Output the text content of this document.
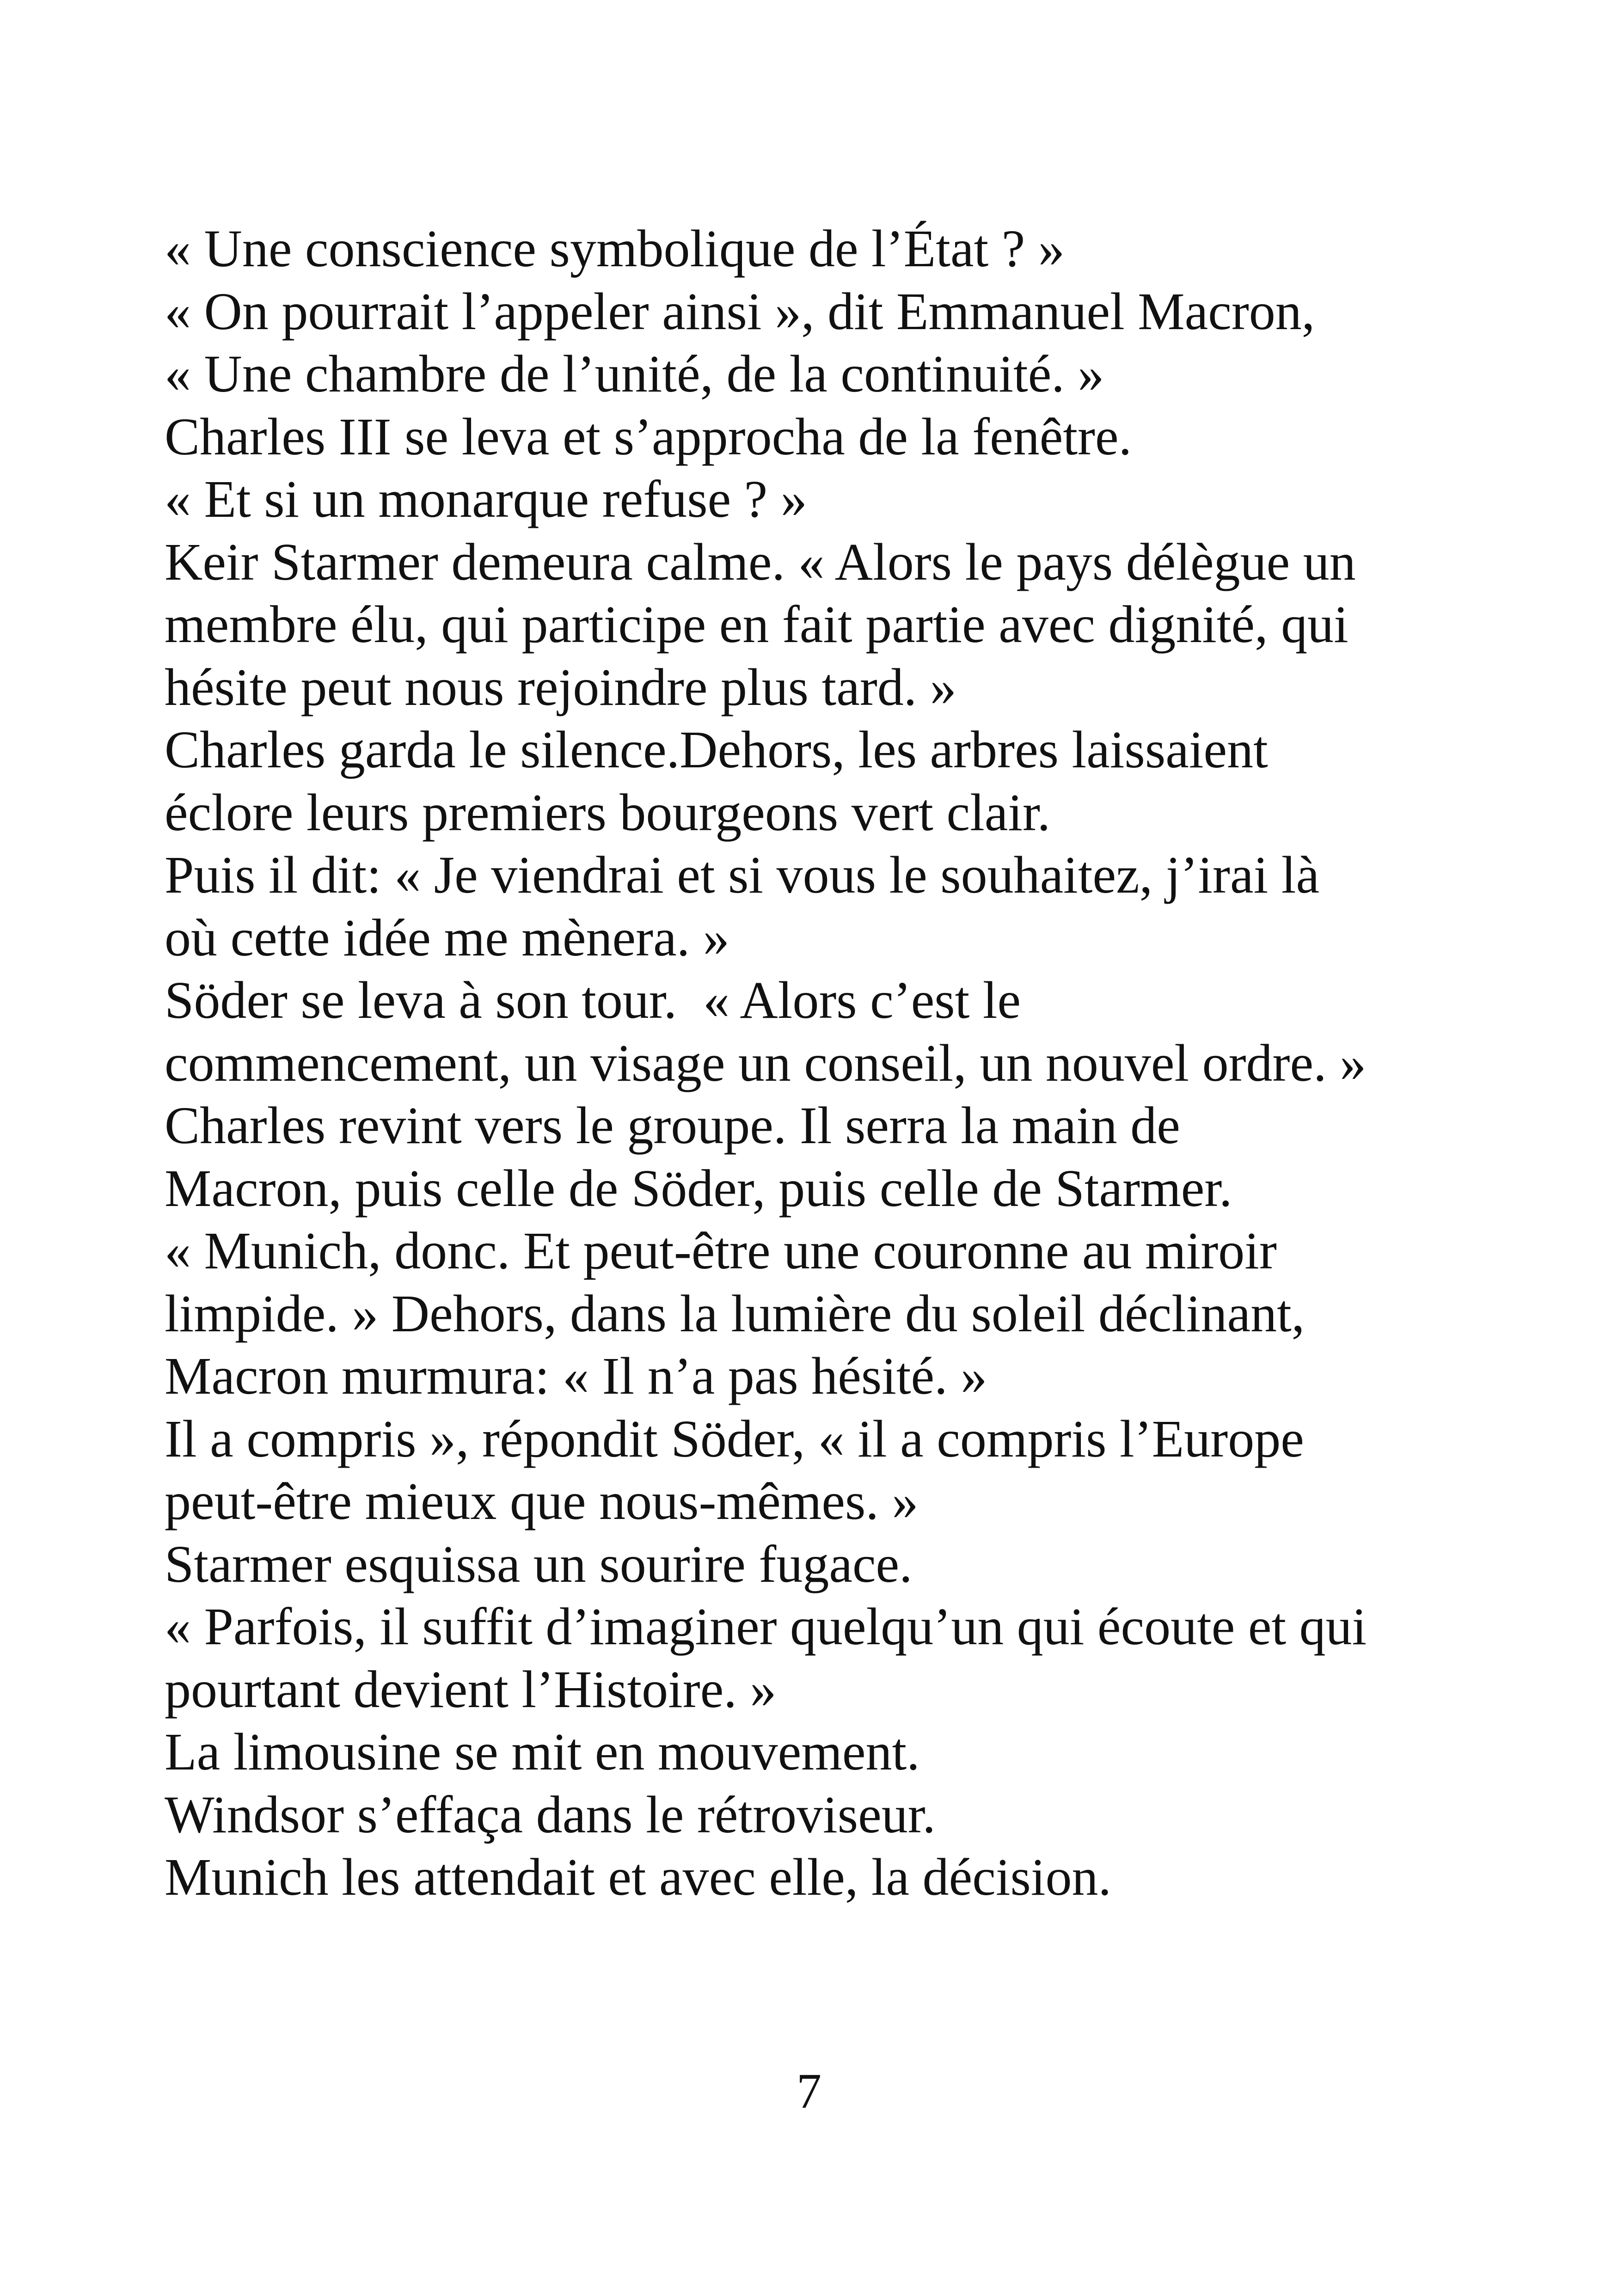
« Une conscience symbolique de l’État ? »
« On pourrait l’appeler ainsi », dit Emmanuel Macron,
« Une chambre de l’unité, de la continuité. »
Charles III se leva et s’approcha de la fenêtre.
« Et si un monarque refuse ? »
Keir Starmer demeura calme. « Alors le pays délègue un
membre élu, qui participe en fait partie avec dignité, qui
hésite peut nous rejoindre plus tard. »
Charles garda le silence.Dehors, les arbres laissaient
éclore leurs premiers bourgeons vert clair.
Puis il dit: « Je viendrai et si vous le souhaitez, j’irai là
où cette idée me mènera. »
Söder se leva à son tour.  « Alors c’est le
commencement, un visage un conseil, un nouvel ordre. »
Charles revint vers le groupe. Il serra la main de
Macron, puis celle de Söder, puis celle de Starmer.
« Munich, donc. Et peut-être une couronne au miroir
limpide. » Dehors, dans la lumière du soleil déclinant,
Macron murmura: « Il n’a pas hésité. »
Il a compris », répondit Söder, « il a compris l’Europe
peut-être mieux que nous-mêmes. »
Starmer esquissa un sourire fugace.
« Parfois, il suffit d’imaginer quelqu’un qui écoute et qui
pourtant devient l’Histoire. »
La limousine se mit en mouvement.
Windsor s’effaça dans le rétroviseur.
Munich les attendait et avec elle, la décision.
7
